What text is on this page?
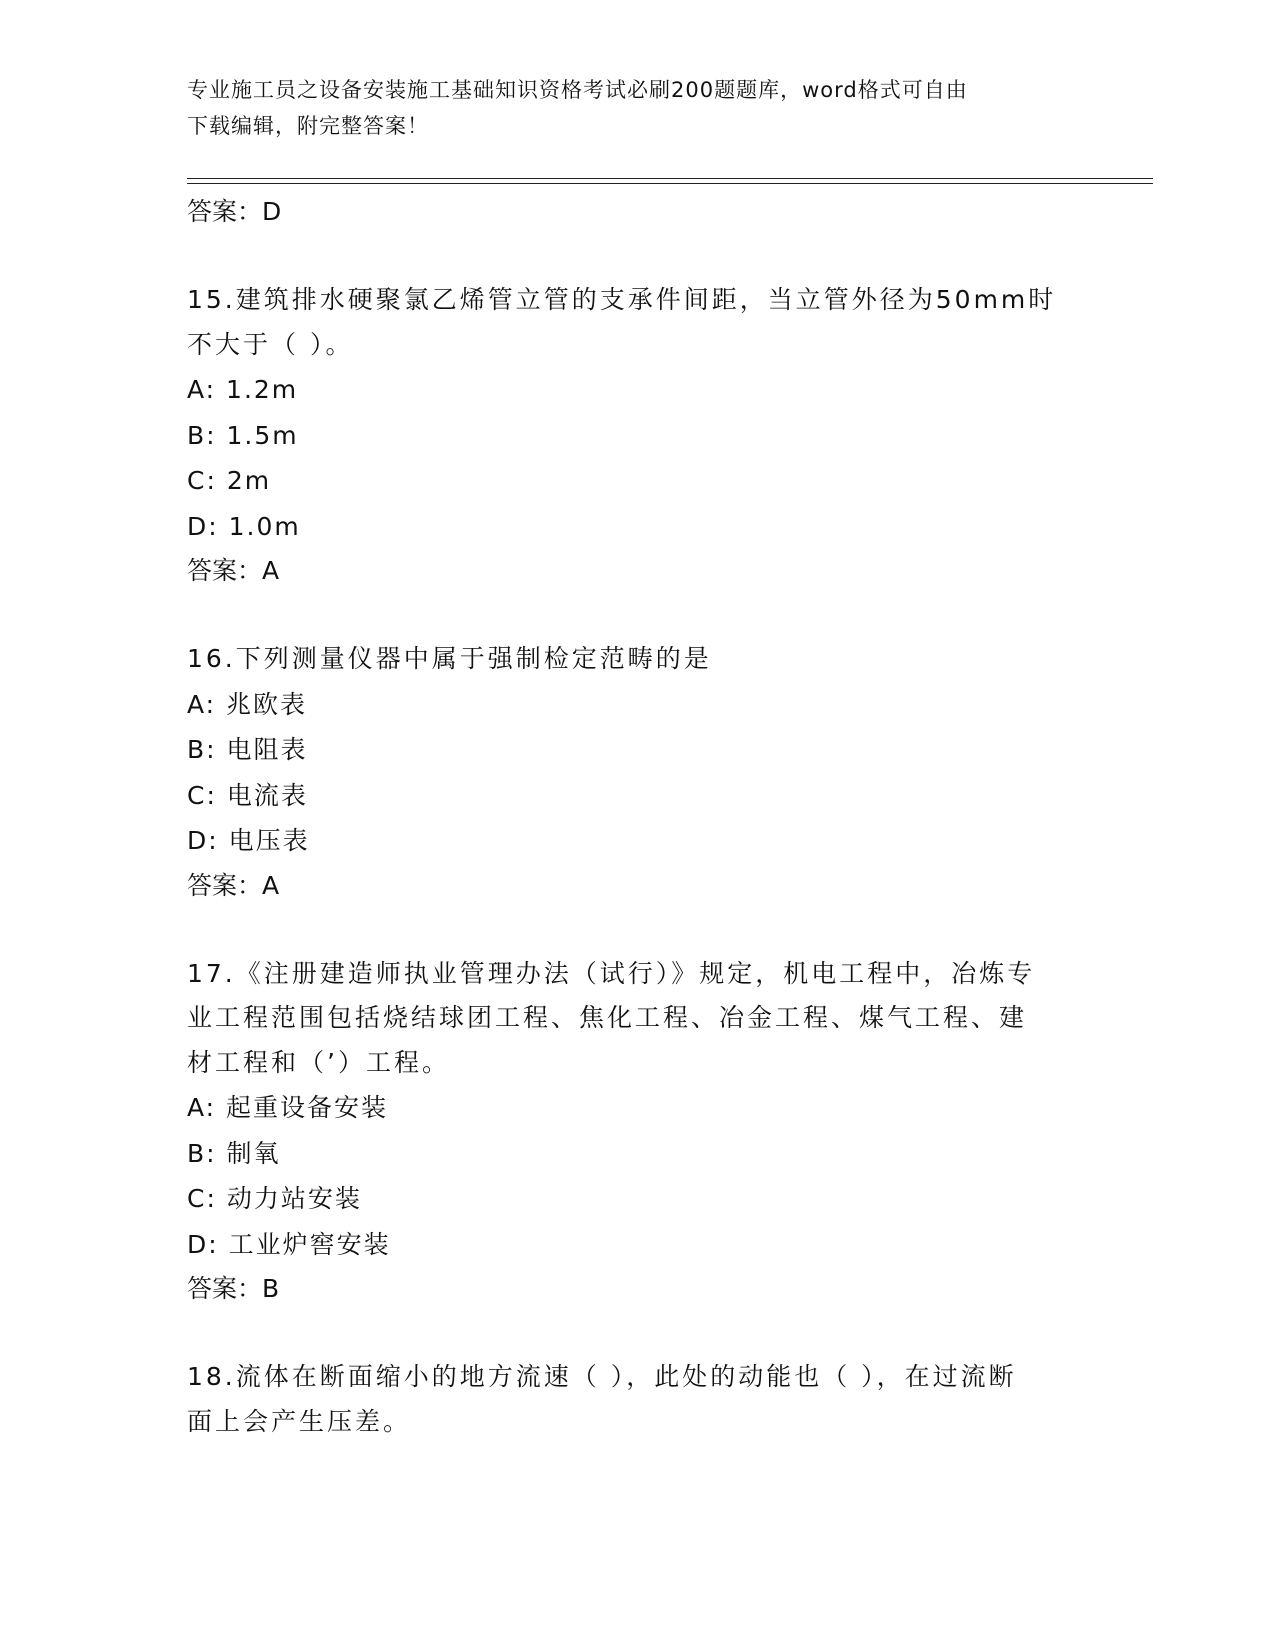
专业施工员之设备安装施工基础知识资格考试必刷200题题库，word格式可自由
下载编辑，附完整答案！
答案：D
15.建筑排水硬聚氯乙烯管立管的支承件间距，当立管外径为50mm时
不大于（ ）。
A: 1.2m
B: 1.5m
C: 2m
D: 1.0m
答案：A
16.下列测量仪器中属于强制检定范畴的是
A: 兆欧表
B: 电阻表
C: 电流表
D: 电压表
答案：A
17.《注册建造师执业管理办法（试行）》规定，机电工程中，冶炼专
业工程范围包括烧结球团工程、焦化工程、冶金工程、煤气工程、建
材工程和（’）工程。
A: 起重设备安装
B: 制氧
C: 动力站安装
D: 工业炉窖安装
答案：B
18.流体在断面缩小的地方流速（ ），此处的动能也（ ），在过流断
面上会产生压差。
